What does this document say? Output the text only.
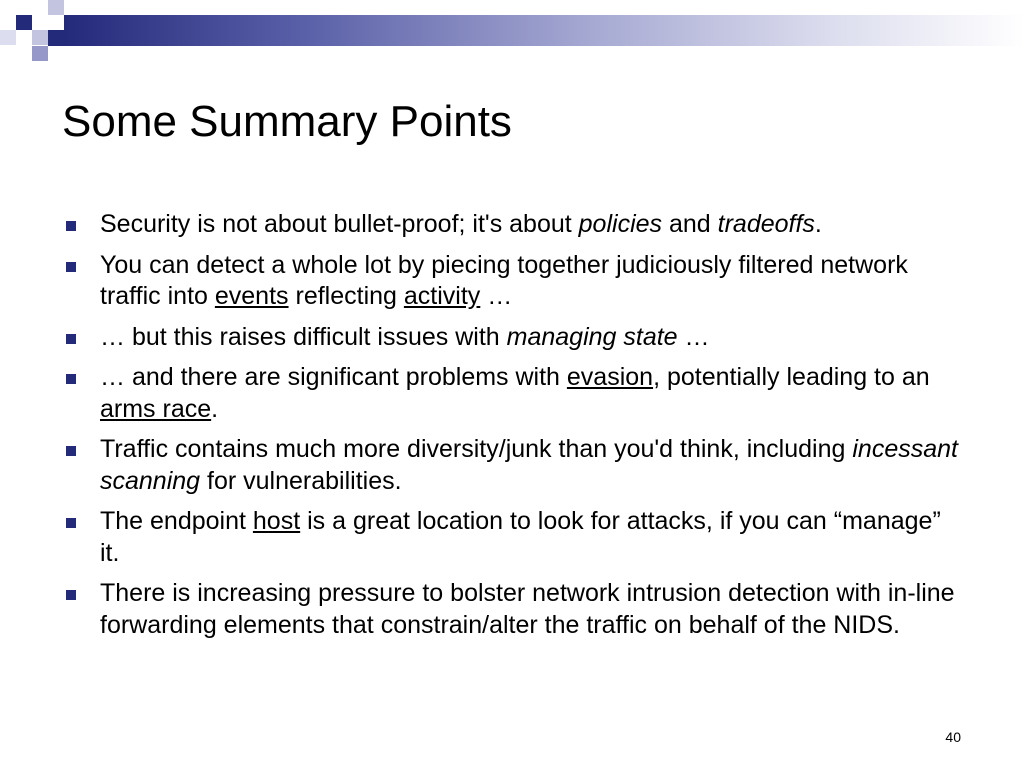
Some Summary Points
Security is not about bullet-proof; it's about policies and tradeoffs.
You can detect a whole lot by piecing together judiciously filtered network traffic into events reflecting activity …
… but this raises difficult issues with managing state …
… and there are significant problems with evasion, potentially leading to an arms race.
Traffic contains much more diversity/junk than you'd think, including incessant scanning for vulnerabilities.
The endpoint host is a great location to look for attacks, if you can “manage” it.
There is increasing pressure to bolster network intrusion detection with in-line forwarding elements that constrain/alter the traffic on behalf of the NIDS.
40
